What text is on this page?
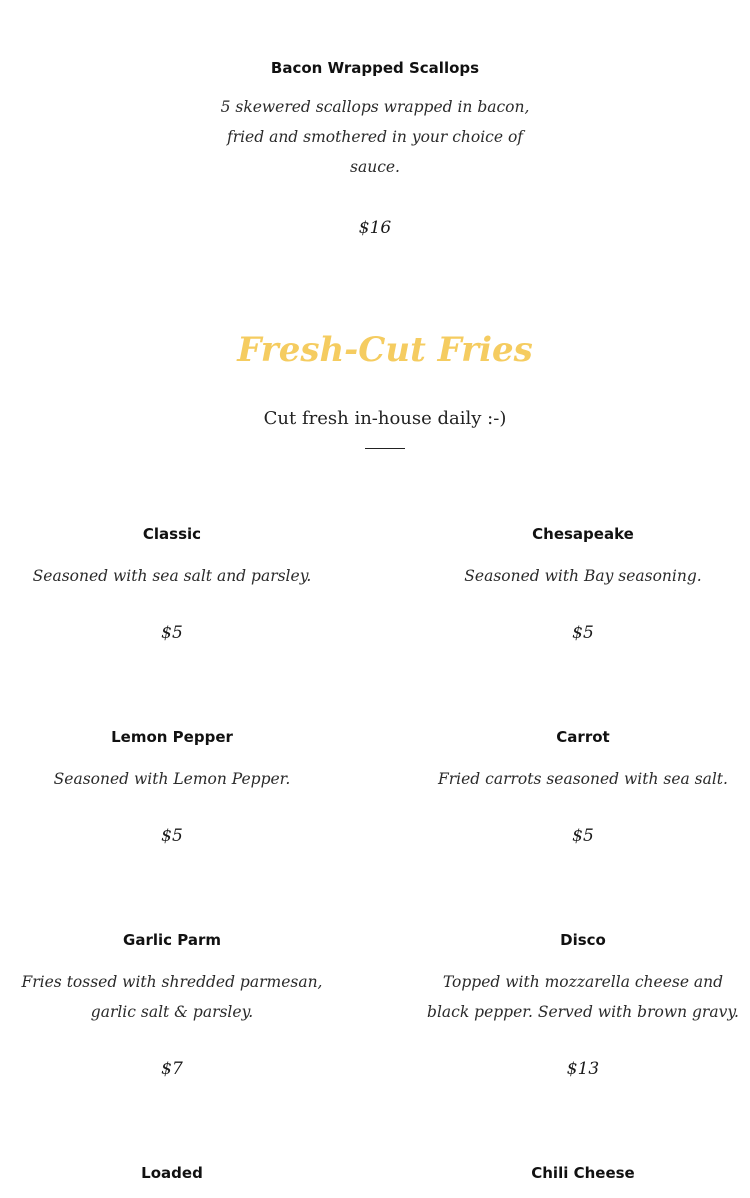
Bacon Wrapped Scallops

5 skewered scallops wrapped in bacon, fried and smothered in your choice of sauce.

$16

Fresh-Cut Fries

Cut fresh in-house daily :-)

Classic

Seasoned with sea salt and parsley.

$5

Chesapeake

Seasoned with Bay seasoning.

$5

Lemon Pepper

Seasoned with Lemon Pepper.

$5

Carrot

Fried carrots seasoned with sea salt.

$5

Garlic Parm

Fries tossed with shredded parmesan, garlic salt & parsley.

$7

Disco

Topped with mozzarella cheese and black pepper. Served with brown gravy.

$13

Loaded	Chili Cheese
